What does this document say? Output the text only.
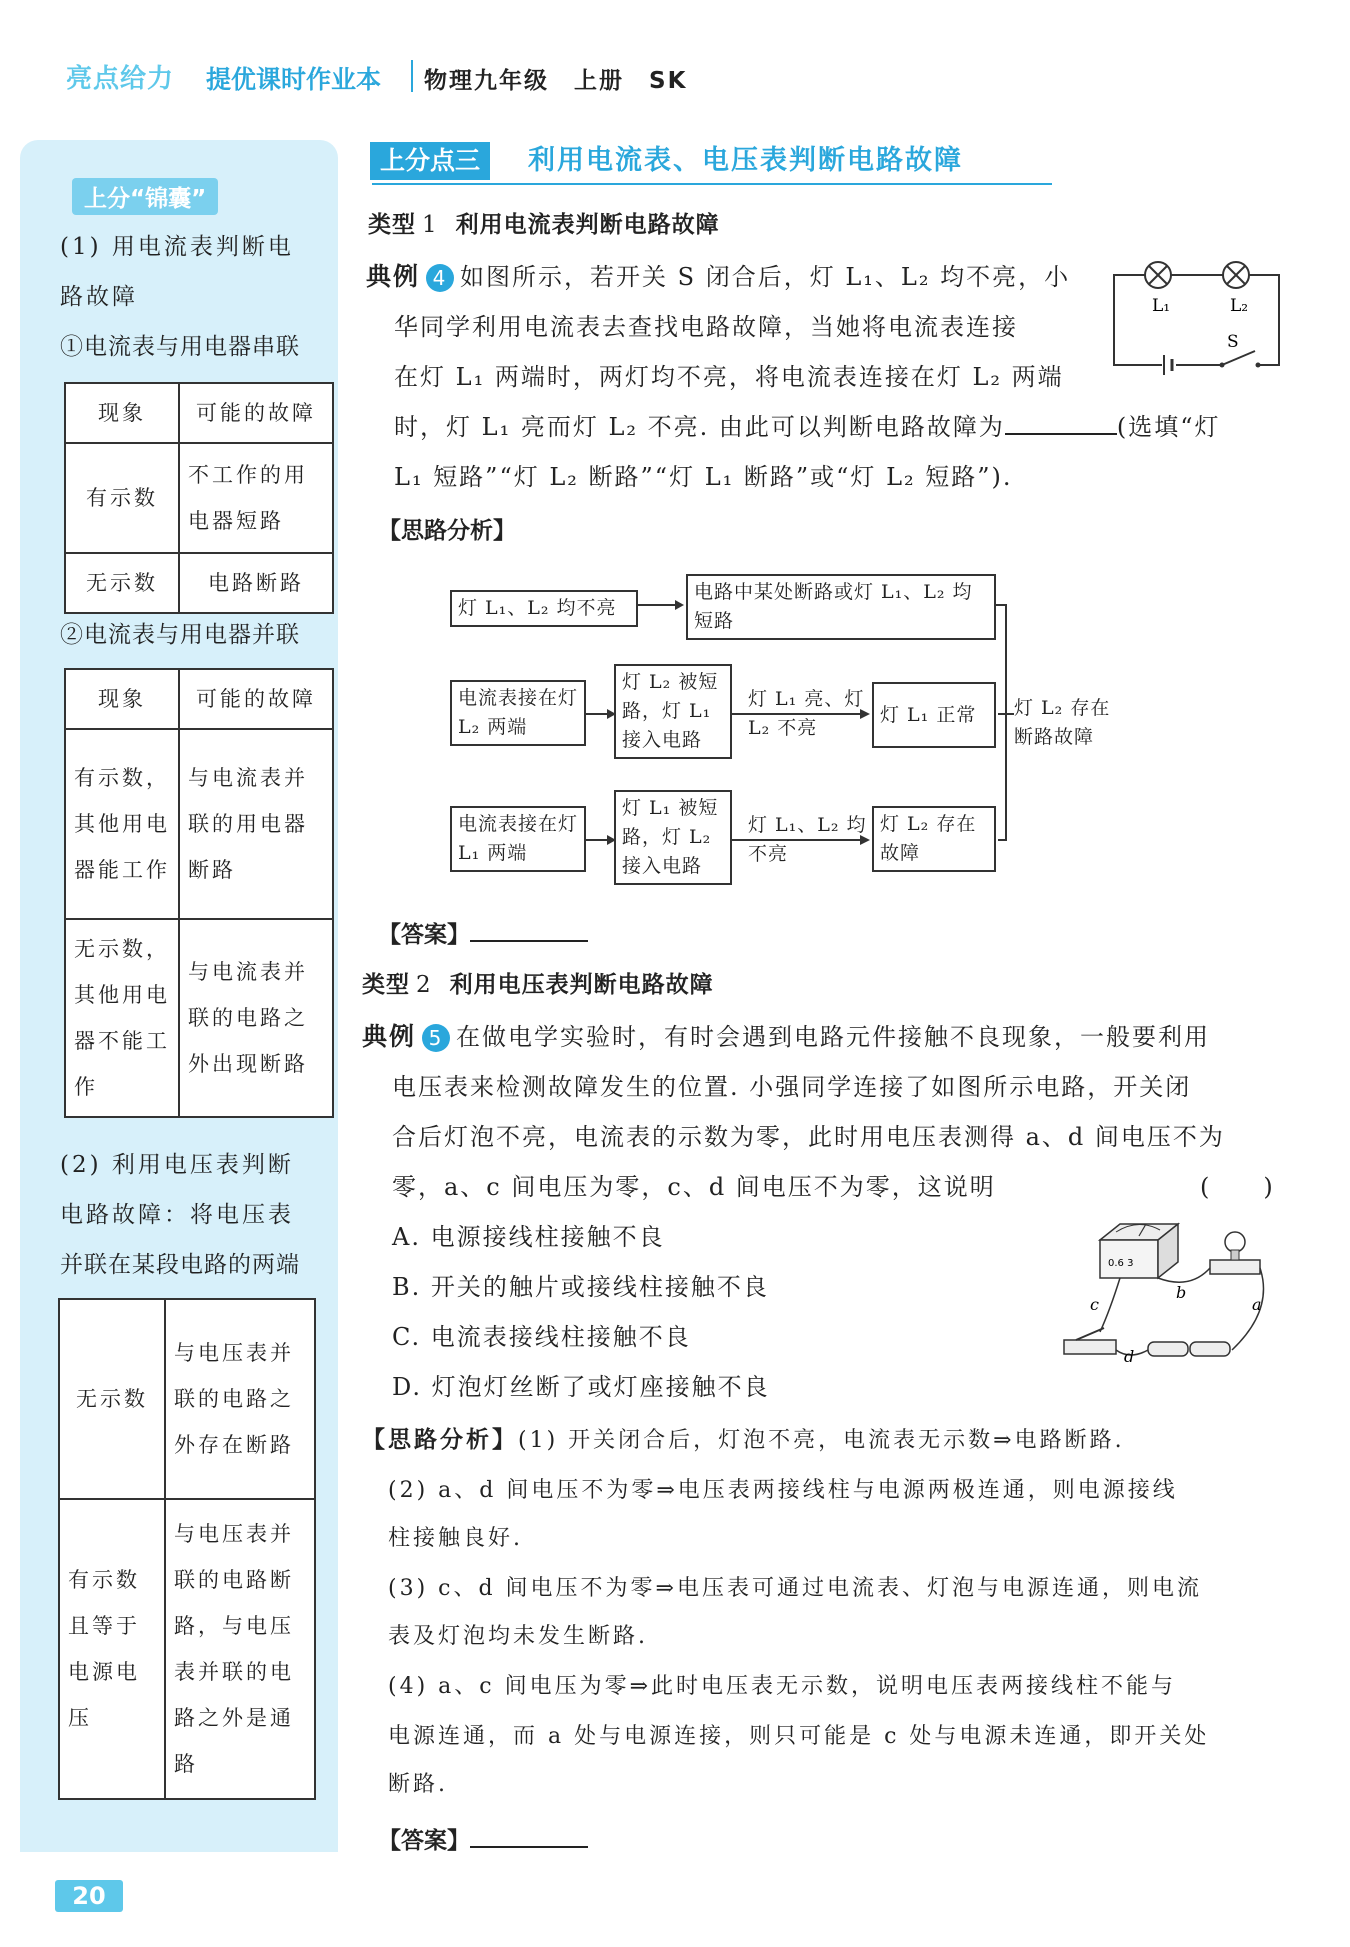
亮点给力 提优课时作业本 物理九年级　上册　SK
上分“锦囊”
(1) 用电流表判断电
路故障
①电流表与用电器串联
现象	可能的故障
有示数	不工作的用电器短路
无示数	电路断路
②电流表与用电器并联
现象	可能的故障
有示数，其他用电器能工作	与电流表并联的用电器断路
无示数，其他用电器不能工作	与电流表并联的电路之外出现断路
(2) 利用电压表判断
电路故障：将电压表
并联在某段电路的两端
无示数	与电压表并联的电路之外存在断路
有示数且等于电源电压	与电压表并联的电路断路，与电压表并联的电路之外是通路
上分点三	利用电流表、电压表判断电路故障
类型 1 利用电流表判断电路故障
典例 4 如图所示，若开关 S 闭合后，灯 L₁、L₂ 均不亮，小
华同学利用电流表去查找电路故障，当她将电流表连接
在灯 L₁ 两端时，两灯均不亮，将电流表连接在灯 L₂ 两端
时，灯 L₁ 亮而灯 L₂ 不亮. 由此可以判断电路故障为	(选填“灯
L₁ 短路”“灯 L₂ 断路”“灯 L₁ 断路”或“灯 L₂ 短路”).
L₁	L₂
S
【思路分析】
灯 L₁、L₂ 均不亮
电路中某处断路或灯 L₁、L₂ 均短路
电流表接在灯 L₂ 两端
灯 L₂ 被短路，灯 L₁ 接入电路
灯 L₁ 亮、灯 L₂ 不亮
灯 L₁ 正常
电流表接在灯 L₁ 两端
灯 L₁ 被短路，灯 L₂ 接入电路
灯 L₁、L₂ 均不亮
灯 L₂ 存在故障
灯 L₂ 存在断路故障
【答案】
类型 2 利用电压表判断电路故障
典例 5 在做电学实验时，有时会遇到电路元件接触不良现象，一般要利用
电压表来检测故障发生的位置. 小强同学连接了如图所示电路，开关闭
合后灯泡不亮，电流表的示数为零，此时用电压表测得 a、d 间电压不为
零，a、c 间电压为零，c、d 间电压不为零，这说明	(　　)
A. 电源接线柱接触不良
B. 开关的触片或接线柱接触不良
C. 电流表接线柱接触不良
D. 灯泡灯丝断了或灯座接触不良
0.6 3
a
b
c
d
【思路分析】(1) 开关闭合后，灯泡不亮，电流表无示数⇒电路断路.
(2) a、d 间电压不为零⇒电压表两接线柱与电源两极连通，则电源接线
柱接触良好.
(3) c、d 间电压不为零⇒电压表可通过电流表、灯泡与电源连通，则电流
表及灯泡均未发生断路.
(4) a、c 间电压为零⇒此时电压表无示数，说明电压表两接线柱不能与
电源连通，而 a 处与电源连接，则只可能是 c 处与电源未连通，即开关处
断路.
【答案】
20
